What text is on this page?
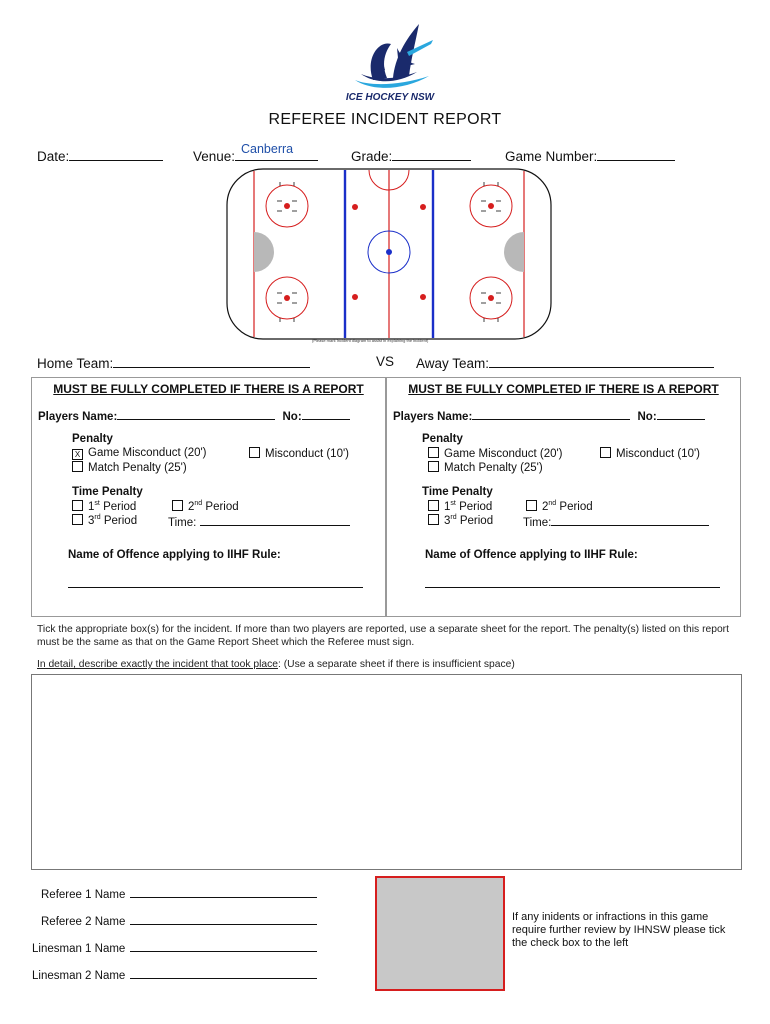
ICE HOCKEY NSW
REFEREE INCIDENT REPORT
Date:	Venue: Canberra	Grade:	Game Number:
(Please mark Incident diagram to assist in explaining the incident)
Home Team:	VS Away Team:
MUST BE FULLY COMPLETED IF THERE IS A REPORT
Players Name:	No:
Penalty
X Game Misconduct (20')	Misconduct (10')
Match Penalty (25')
Time Penalty
1st Period	2nd Period
3rd Period	Time:
Name of Offence applying to IIHF Rule:
MUST BE FULLY COMPLETED IF THERE IS A REPORT
Players Name:	No:
Penalty
Game Misconduct (20')	Misconduct (10')
Match Penalty (25')
Time Penalty
1st Period	2nd Period
3rd Period	Time:
Name of Offence applying to IIHF Rule:
Tick the appropriate box(s) for the incident. If more than two players are reported, use a separate sheet for the report. The penalty(s) listed on this report must be the same as that on the Game Report Sheet which the Referee must sign.
In detail, describe exactly the incident that took place: (Use a separate sheet if there is insufficient space)
Referee 1 Name
Referee 2 Name
Linesman 1 Name
Linesman 2 Name
If any inidents or infractions in this game require further review by IHNSW please tick the check box to the left
